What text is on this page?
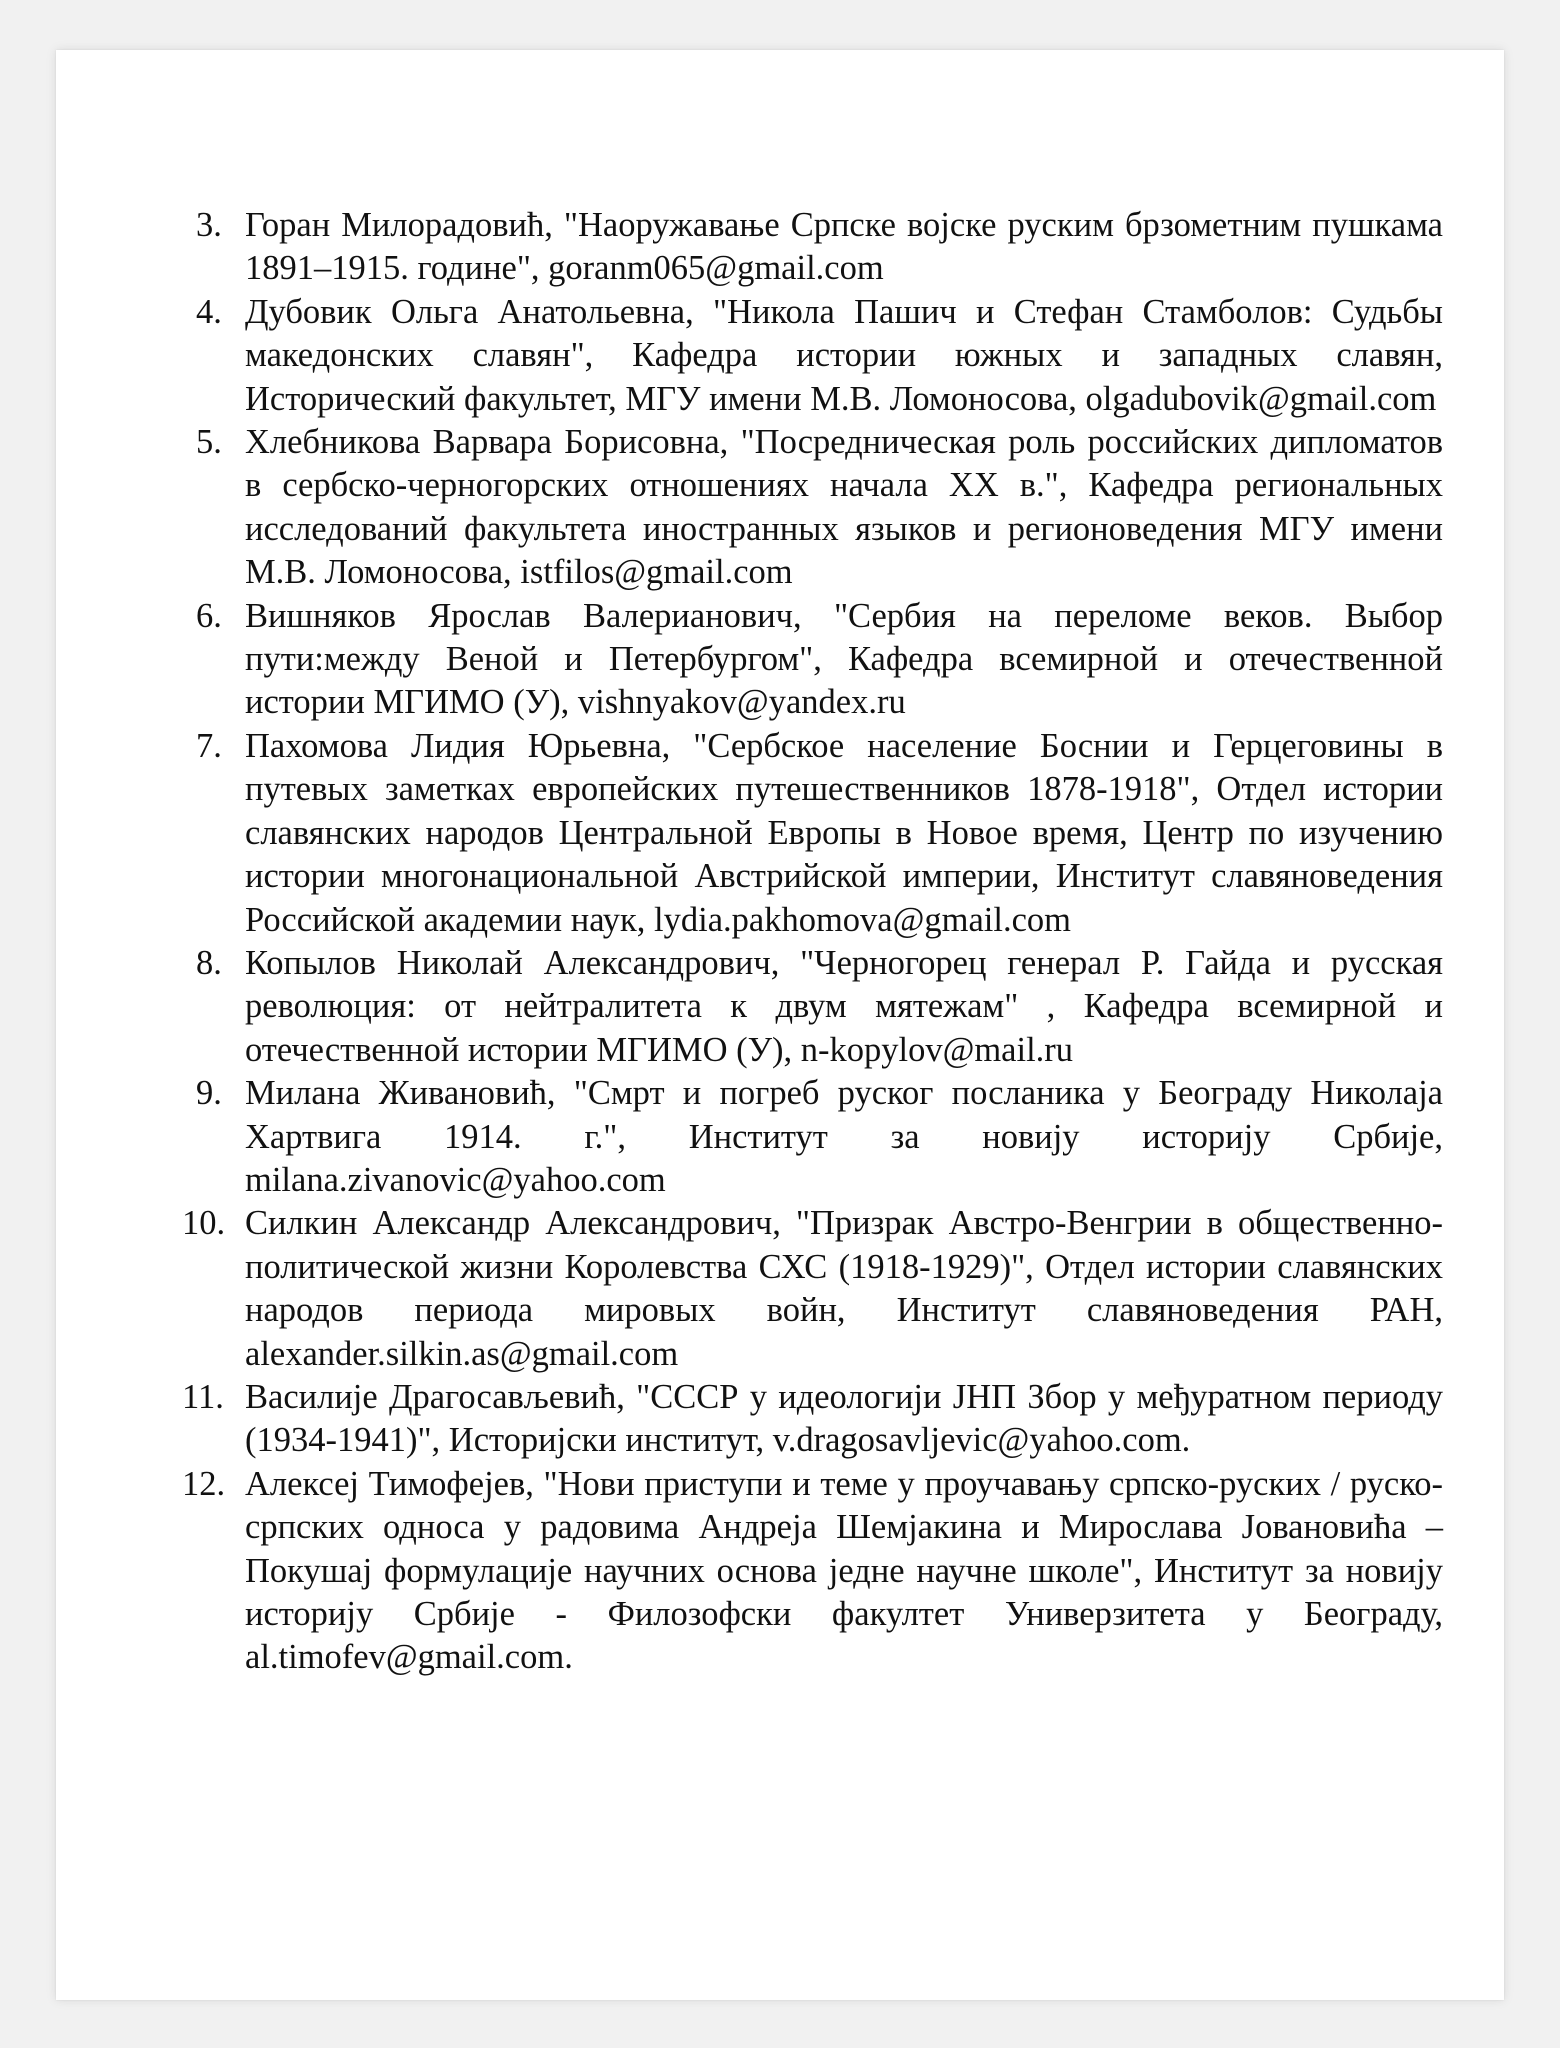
3. Горан Милорадовић, "Наоружавање Српске војске руским брзометним пушкама 1891–1915. године", goranm065@gmail.com
4. Дубовик Ольга Анатольевна, "Никола Пашич и Стефан Стамболов: Судьбы македонских славян", Кафедра истории южных и западных славян, Исторический факультет, МГУ имени М.В. Ломоносова, olgadubovik@gmail.com
5. Хлебникова Варвара Борисовна, "Посредническая роль российских дипломатов в сербско-черногорских отношениях начала XX в.", Кафедра региональных исследований факультета иностранных языков и регионоведения МГУ имени М.В. Ломоносова, istfilos@gmail.com
6. Вишняков Ярослав Валерианович, "Сербия на переломе веков. Выбор пути:между Веной и Петербургом", Кафедра всемирной и отечественной истории МГИМО (У), vishnyakov@yandex.ru
7. Пахомова Лидия Юрьевна, "Сербское население Боснии и Герцеговины в путевых заметках европейских путешественников 1878-1918", Отдел истории славянских народов Центральной Европы в Новое время, Центр по изучению истории многонациональной Австрийской империи, Институт славяноведения Российской академии наук, lydia.pakhomova@gmail.com
8. Копылов Николай Александрович, "Черногорец генерал Р. Гайда и русская революция: от нейтралитета к двум мятежам" , Кафедра всемирной и отечественной истории МГИМО (У), n-kopylov@mail.ru
9. Милана Живановић, "Смрт и погреб руског посланика у Београду Николаја Хартвига 1914. г.", Институт за новију историју Србије, milana.zivanovic@yahoo.com
10. Силкин Александр Александрович, "Призрак Австро-Венгрии в общественно-политической жизни Королевства СХС (1918-1929)", Отдел истории славянских народов периода мировых войн, Институт славяноведения РАН, alexander.silkin.as@gmail.com
11. Василије Драгосављевић, "СССР у идеологији ЈНП Збор у међуратном периоду (1934-1941)", Историјски институт, v.dragosavljevic@yahoo.com.
12. Алексеј Тимофејев, "Нови приступи и теме у проучавању српско-руских / руско-српских односа у радовима Андреја Шемјакина и Мирослава Јовановића – Покушај формулације научних основа једне научне школе", Институт за новију историју Србије - Филозофски факултет Универзитета у Београду, al.timofev@gmail.com.
